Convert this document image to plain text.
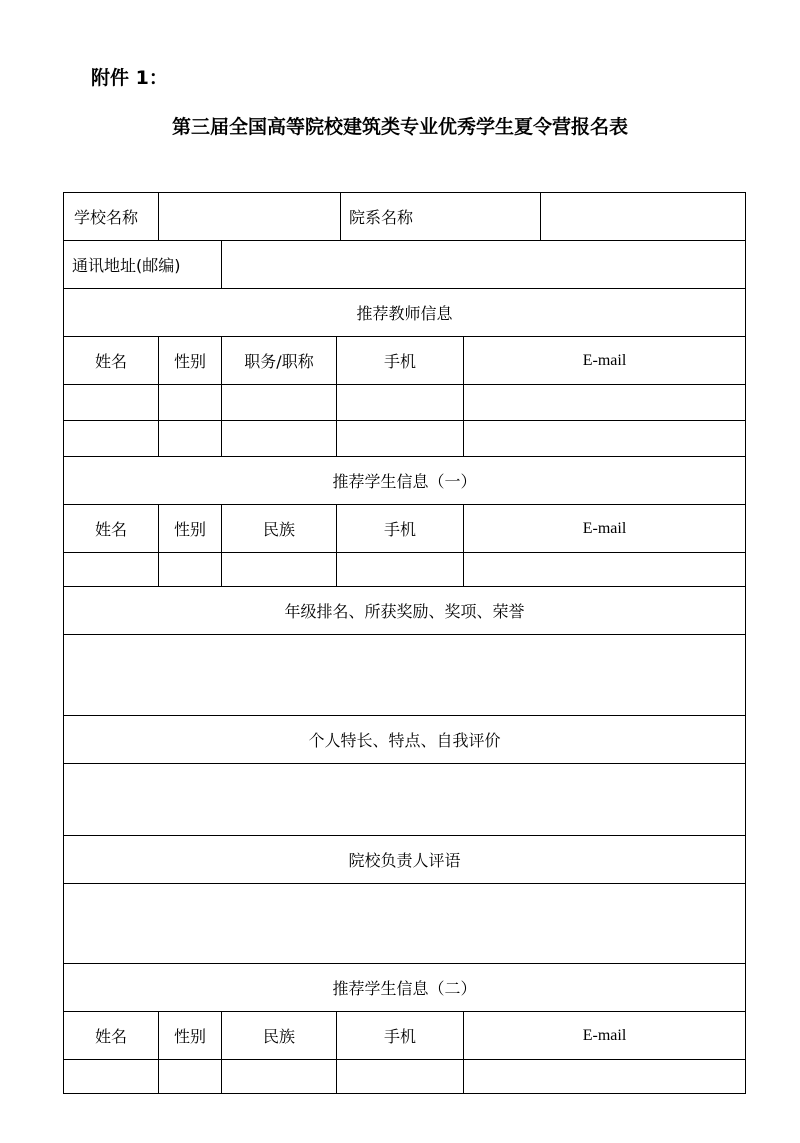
附件 1：
第三届全国高等院校建筑类专业优秀学生夏令营报名表
学校名称				院系名称		
通讯地址(邮编)						
推荐教师信息						
姓名	性别	职务/职称	手机		E-mail	

推荐学生信息（一）						
姓名	性别	民族	手机		E-mail	

年级排名、所获奖励、奖项、荣誉						

个人特长、特点、自我评价						

院校负责人评语						

推荐学生信息（二）						
姓名	性别	民族	手机		E-mail	
